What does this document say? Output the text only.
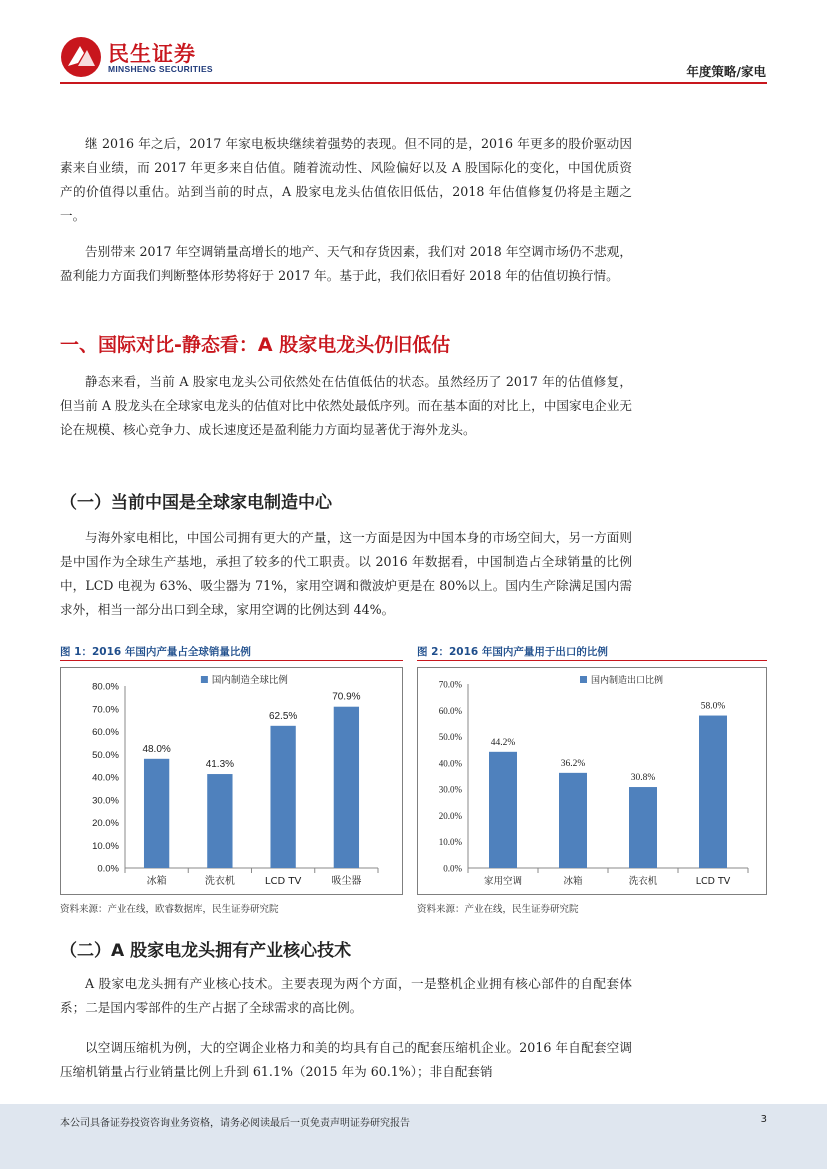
民生证券
MINSHENG SECURITIES	年度策略/家电

继 2016 年之后，2017 年家电板块继续着强势的表现。但不同的是，2016 年更多的股价驱动因素来自业绩，而 2017 年更多来自估值。随着流动性、风险偏好以及 A 股国际化的变化，中国优质资产的价值得以重估。站到当前的时点，A 股家电龙头估值依旧低估，2018 年估值修复仍将是主题之一。

告别带来 2017 年空调销量高增长的地产、天气和存货因素，我们对 2018 年空调市场仍不悲观，盈利能力方面我们判断整体形势将好于 2017 年。基于此，我们依旧看好 2018 年的估值切换行情。

一、国际对比-静态看：A 股家电龙头仍旧低估

静态来看，当前 A 股家电龙头公司依然处在估值低估的状态。虽然经历了 2017 年的估值修复，但当前 A 股龙头在全球家电龙头的估值对比中依然处最低序列。而在基本面的对比上，中国家电企业无论在规模、核心竞争力、成长速度还是盈利能力方面均显著优于海外龙头。

（一）当前中国是全球家电制造中心

与海外家电相比，中国公司拥有更大的产量，这一方面是因为中国本身的市场空间大，另一方面则是中国作为全球生产基地，承担了较多的代工职责。以 2016 年数据看，中国制造占全球销量的比例中，LCD 电视为 63%、吸尘器为 71%，家用空调和微波炉更是在 80%以上。国内生产除满足国内需求外，相当一部分出口到全球，家用空调的比例达到 44%。

图 1：2016 年国内产量占全球销量比例
0.0%
10.0%
20.0%
30.0%
40.0%
50.0%
60.0%
70.0%
80.0%
48.0%
冰箱
41.3%
洗衣机
62.5%
LCD TV
70.9%
吸尘器
国内制造全球比例
资料来源：产业在线，欧睿数据库，民生证券研究院
图 2：2016 年国内产量用于出口的比例
0.0%
10.0%
20.0%
30.0%
40.0%
50.0%
60.0%
70.0%
44.2%
家用空调
36.2%
冰箱
30.8%
洗衣机
58.0%
LCD TV
国内制造出口比例
资料来源：产业在线，民生证券研究院
（二）A 股家电龙头拥有产业核心技术

A 股家电龙头拥有产业核心技术。主要表现为两个方面，一是整机企业拥有核心部件的自配套体系；二是国内零部件的生产占据了全球需求的高比例。

以空调压缩机为例，大的空调企业格力和美的均具有自己的配套压缩机企业。2016 年自配套空调压缩机销量占行业销量比例上升到 61.1%（2015 年为 60.1%）；非自配套销

本公司具备证券投资咨询业务资格，请务必阅读最后一页免责声明证券研究报告	3
